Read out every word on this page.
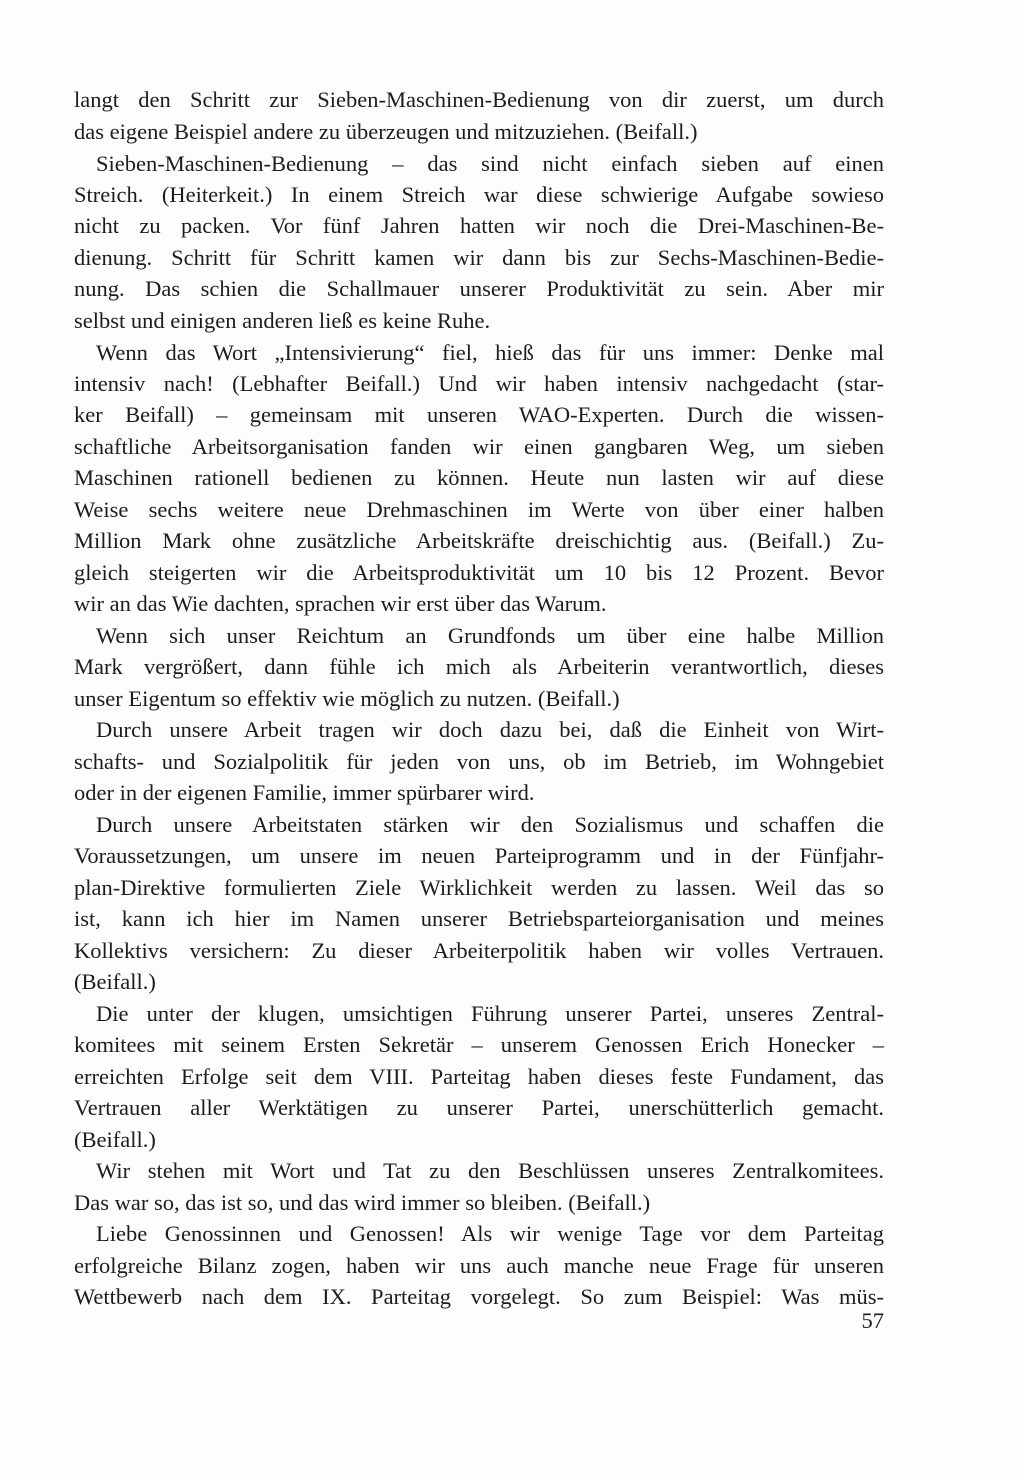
langt den Schritt zur Sieben-Maschinen-Bedienung von dir zuerst, um durch
das eigene Beispiel andere zu überzeugen und mitzuziehen. (Beifall.)
Sieben-Maschinen-Bedienung – das sind nicht einfach sieben auf einen
Streich. (Heiterkeit.) In einem Streich war diese schwierige Aufgabe sowieso
nicht zu packen. Vor fünf Jahren hatten wir noch die Drei-Maschinen-Be-
dienung. Schritt für Schritt kamen wir dann bis zur Sechs-Maschinen-Bedie-
nung. Das schien die Schallmauer unserer Produktivität zu sein. Aber mir
selbst und einigen anderen ließ es keine Ruhe.
Wenn das Wort „Intensivierung“ fiel, hieß das für uns immer: Denke mal
intensiv nach! (Lebhafter Beifall.) Und wir haben intensiv nachgedacht (star-
ker Beifall) – gemeinsam mit unseren WAO-Experten. Durch die wissen-
schaftliche Arbeitsorganisation fanden wir einen gangbaren Weg, um sieben
Maschinen rationell bedienen zu können. Heute nun lasten wir auf diese
Weise sechs weitere neue Drehmaschinen im Werte von über einer halben
Million Mark ohne zusätzliche Arbeitskräfte dreischichtig aus. (Beifall.) Zu-
gleich steigerten wir die Arbeitsproduktivität um 10 bis 12 Prozent. Bevor
wir an das Wie dachten, sprachen wir erst über das Warum.
Wenn sich unser Reichtum an Grundfonds um über eine halbe Million
Mark vergrößert, dann fühle ich mich als Arbeiterin verantwortlich, dieses
unser Eigentum so effektiv wie möglich zu nutzen. (Beifall.)
Durch unsere Arbeit tragen wir doch dazu bei, daß die Einheit von Wirt-
schafts- und Sozialpolitik für jeden von uns, ob im Betrieb, im Wohngebiet
oder in der eigenen Familie, immer spürbarer wird.
Durch unsere Arbeitstaten stärken wir den Sozialismus und schaffen die
Voraussetzungen, um unsere im neuen Parteiprogramm und in der Fünfjahr-
plan-Direktive formulierten Ziele Wirklichkeit werden zu lassen. Weil das so
ist, kann ich hier im Namen unserer Betriebsparteiorganisation und meines
Kollektivs versichern: Zu dieser Arbeiterpolitik haben wir volles Vertrauen.
(Beifall.)
Die unter der klugen, umsichtigen Führung unserer Partei, unseres Zentral-
komitees mit seinem Ersten Sekretär – unserem Genossen Erich Honecker –
erreichten Erfolge seit dem VIII. Parteitag haben dieses feste Fundament, das
Vertrauen aller Werktätigen zu unserer Partei, unerschütterlich gemacht.
(Beifall.)
Wir stehen mit Wort und Tat zu den Beschlüssen unseres Zentralkomitees.
Das war so, das ist so, und das wird immer so bleiben. (Beifall.)
Liebe Genossinnen und Genossen! Als wir wenige Tage vor dem Parteitag
erfolgreiche Bilanz zogen, haben wir uns auch manche neue Frage für unseren
Wettbewerb nach dem IX. Parteitag vorgelegt. So zum Beispiel: Was müs-
57
